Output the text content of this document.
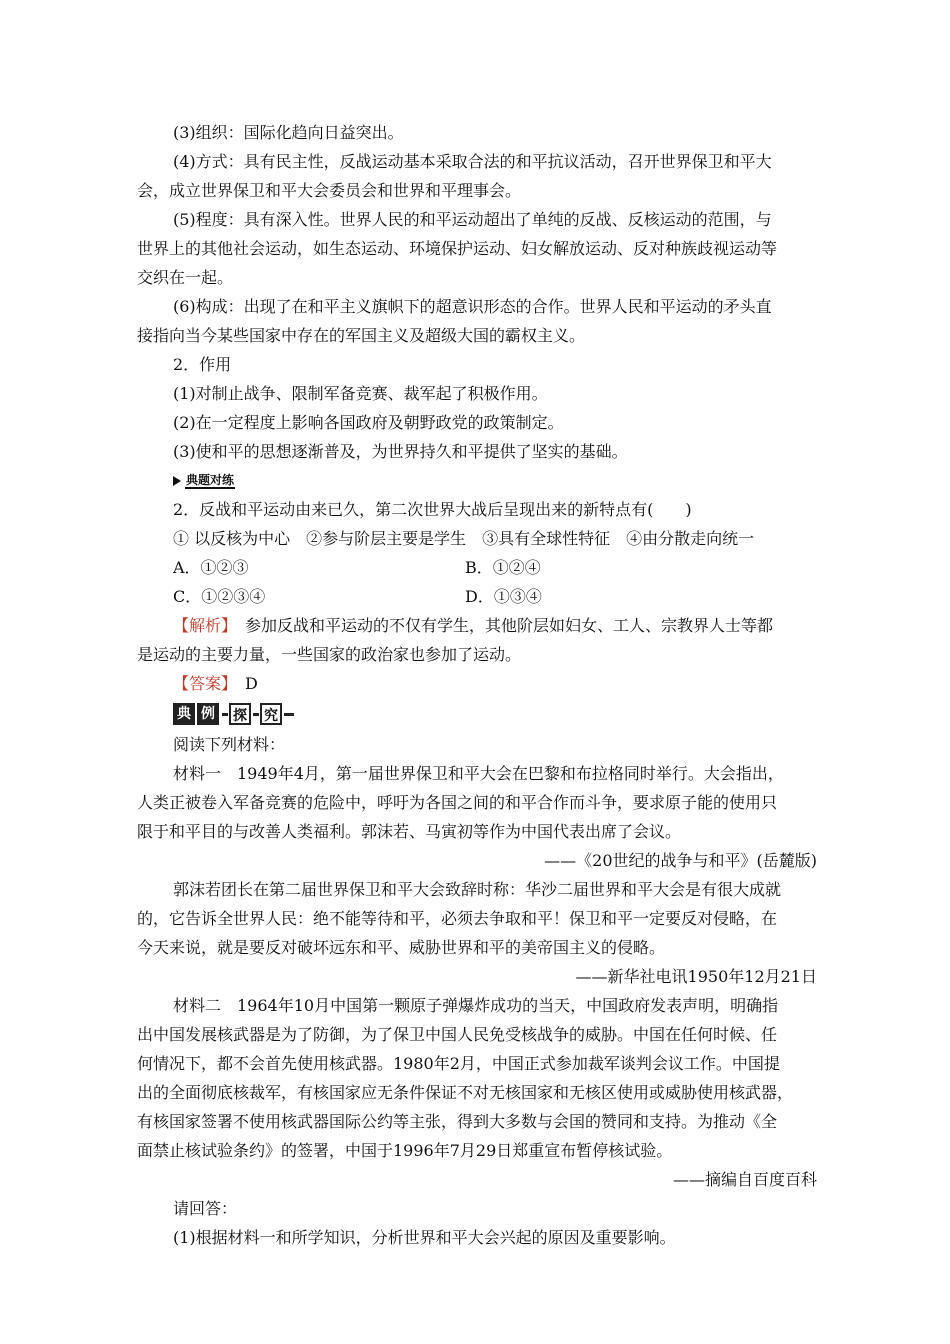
(3)组织：国际化趋向日益突出。

(4)方式：具有民主性，反战运动基本采取合法的和平抗议活动，召开世界保卫和平大

会，成立世界保卫和平大会委员会和世界和平理事会。

(5)程度：具有深入性。世界人民的和平运动超出了单纯的反战、反核运动的范围，与

世界上的其他社会运动，如生态运动、环境保护运动、妇女解放运动、反对种族歧视运动等

交织在一起。

(6)构成：出现了在和平主义旗帜下的超意识形态的合作。世界人民和平运动的矛头直

接指向当今某些国家中存在的军国主义及超级大国的霸权主义。

2．作用

(1)对制止战争、限制军备竞赛、裁军起了积极作用。

(2)在一定程度上影响各国政府及朝野政党的政策制定。

(3)使和平的思想逐渐普及，为世界持久和平提供了坚实的基础。

典题对练

2．反战和平运动由来已久，第二次世界大战后呈现出来的新特点有(　　)

① 以反核为中心　②参与阶层主要是学生　③具有全球性特征　④由分散走向统一

A．①②③	B．①②④
C．①②③④	D．①③④

【解析】　参加反战和平运动的不仅有学生，其他阶层如妇女、工人、宗教界人士等都

是运动的主要力量，一些国家的政治家也参加了运动。

【答案】　D

典 例 探 究

阅读下列材料：

材料一　1949年4月，第一届世界保卫和平大会在巴黎和布拉格同时举行。大会指出，

人类正被卷入军备竞赛的危险中，呼吁为各国之间的和平合作而斗争，要求原子能的使用只

限于和平目的与改善人类福利。郭沫若、马寅初等作为中国代表出席了会议。

——《20世纪的战争与和平》(岳麓版)

郭沫若团长在第二届世界保卫和平大会致辞时称：华沙二届世界和平大会是有很大成就

的，它告诉全世界人民：绝不能等待和平，必须去争取和平！保卫和平一定要反对侵略，在

今天来说，就是要反对破坏远东和平、威胁世界和平的美帝国主义的侵略。

——新华社电讯1950年12月21日

材料二　1964年10月中国第一颗原子弹爆炸成功的当天，中国政府发表声明，明确指

出中国发展核武器是为了防御，为了保卫中国人民免受核战争的威胁。中国在任何时候、任

何情况下，都不会首先使用核武器。1980年2月，中国正式参加裁军谈判会议工作。中国提

出的全面彻底核裁军，有核国家应无条件保证不对无核国家和无核区使用或威胁使用核武器，

有核国家签署不使用核武器国际公约等主张，得到大多数与会国的赞同和支持。为推动《全

面禁止核试验条约》的签署，中国于1996年7月29日郑重宣布暂停核试验。

——摘编自百度百科

请回答：

(1)根据材料一和所学知识，分析世界和平大会兴起的原因及重要影响。
